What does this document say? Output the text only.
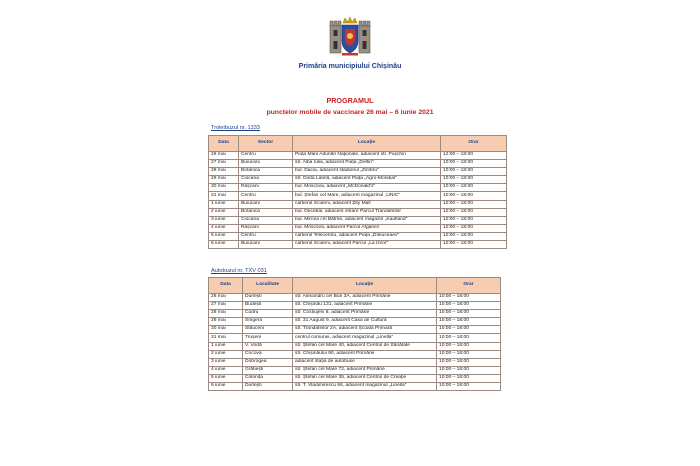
Primăria municipiului Chișinău
PROGRAMUL
punctelor mobile de vaccinare 26 mai – 6 iunie 2021
Troleibuzul nr. 1333
Data	Sector	Locație	Orar
26 mai	Centru	Piața Marii Adunări Naționale, adiacent str. Pușchin	12:00 – 18:00
27 mai	Buiucani	str. Alba Iulia, adiacent Piața „Delfin”	10:00 – 18:00
28 mai	Botanica	bul. Dacia, adiacent stadionul „Zimbru”	10:00 – 18:00
29 mai	Ciocana	str. Ginta Latină, adiacent Piața „Agro-Mondial”	10:00 – 18:00
30 mai	Râșcani	bul. Moscova, adiacent „McDonald's”	10:00 – 18:00
31 mai	Centru	bul. Ștefan cel Mare, adiacent magazinul „UNIC”	10:00 – 18:00
1 iunie	Buiucani	cartierul Sculeni, adiacent Zity Mall	10:00 – 18:00
2 iunie	Botanica	bul. Decebal, adiacent intrare Parcul Trandafirilor	10:00 – 18:00
3 iunie	Ciocana	bul. Mircea cel Bătrân, adiacent magazin „Kaufland”	10:00 – 18:00
4 iunie	Râșcani	bul. Moscova, adiacent Parcul Afganez	10:00 – 18:00
5 iunie	Centru	cartierul Telecentru, adiacent Piața „Dokuceaev”	10:00 – 18:00
6 iunie	Buiucani	cartierul Sculeni, adiacent Parcul „La Izvor”	10:00 – 18:00
Autobuzul nr. TXV 031
Data	Localitate	Locație	Orar
26 mai	Durlești	str. Alexandru cel Bun 3A, adiacent Primărie	10:00 – 18:00
27 mai	Budești	str. Chișinău 131, adiacent Primărie	10:00 – 18:00
28 mai	Codru	str. Costiujeni 8, adiacent Primărie	10:00 – 18:00
29 mai	Sîngera	str. 31 August 9, adiacent Casa de Cultură	10:00 – 18:00
30 mai	Stăuceni	str. Trandafirilor 2A, adiacent Școala Primară	10:00 – 18:00
31 mai	Trușeni	centrul comunei, adiacent magazinul „Linella”	10:00 – 18:00
1 iunie	V. Vodă	str. Ștefan cel Mare 40, adiacent Centrul de Sănătate	10:00 – 18:00
2 iunie	Cricova	str. Chișinăului 90, adiacent Primărie	10:00 – 18:00
3 iunie	Dobrogea	adiacent stația de autobuse	10:00 – 18:00
4 iunie	Grătiești	str. Ștefan cel Mare 72, adiacent Primărie	10:00 – 18:00
5 iunie	Colonița	str. Ștefan cel Mare 35, adiacent Centrul de Creație	10:00 – 18:00
6 iunie	Durlești	str. T. Vladimirescu 66, adiacent magazinul „Linella”	10:00 – 18:00
